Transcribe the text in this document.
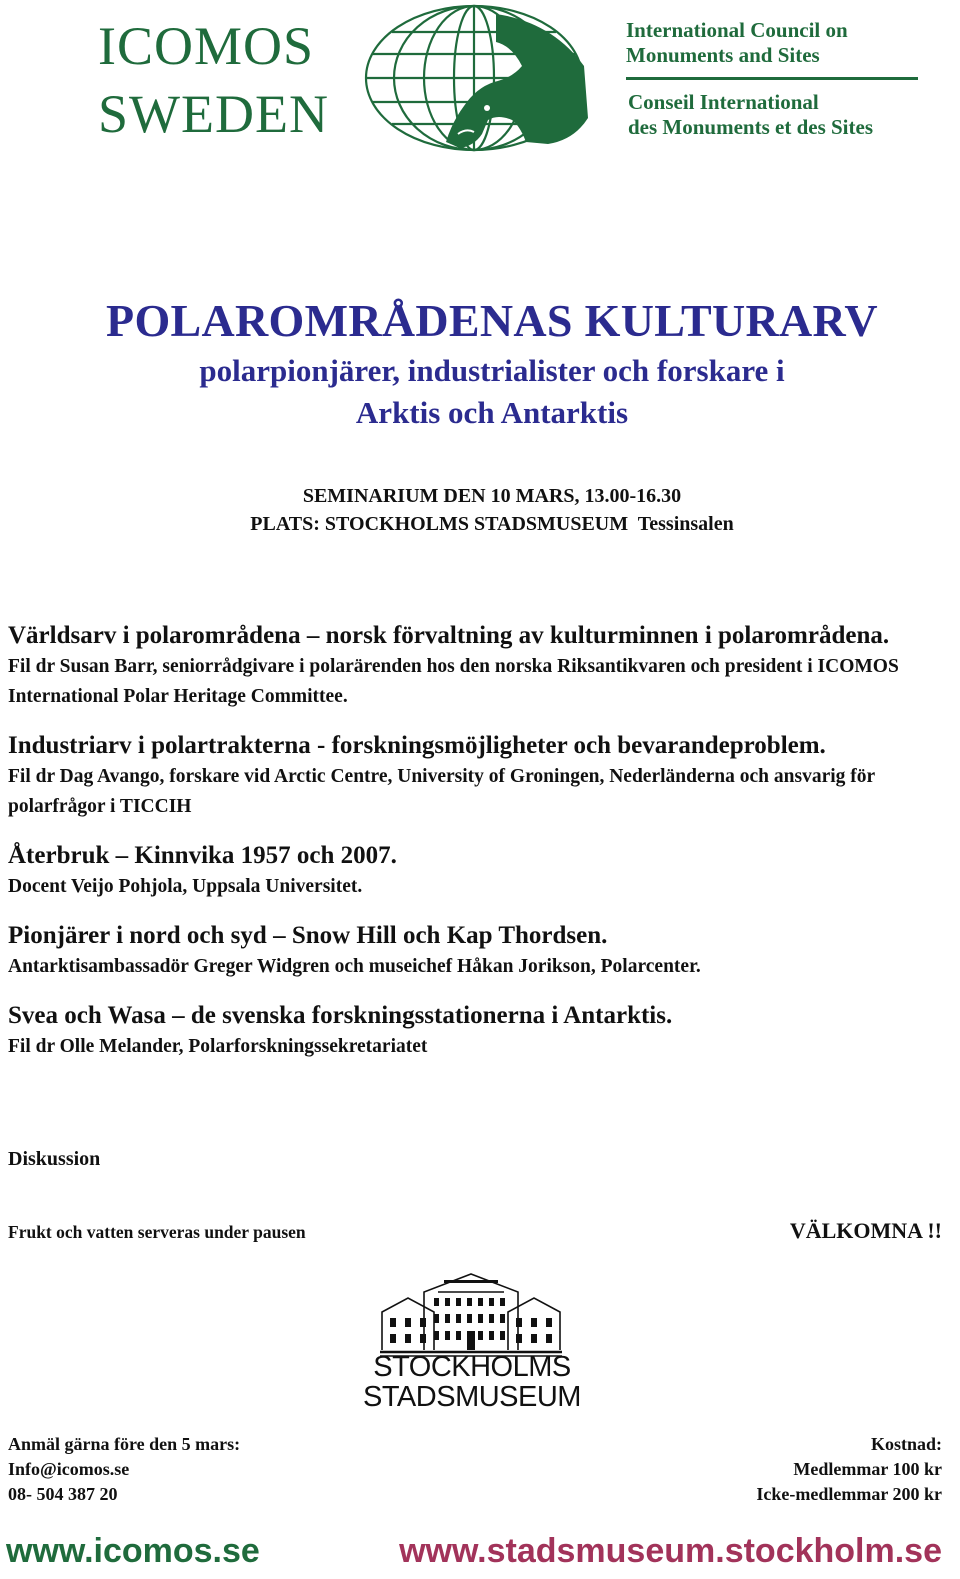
ICOMOS
SWEDEN
International Council on
Monuments and Sites
Conseil International
des Monuments et des Sites
POLAROMRÅDENAS KULTURARV
polarpionjärer, industrialister och forskare i
Arktis och Antarktis
SEMINARIUM DEN 10 MARS, 13.00-16.30
PLATS: STOCKHOLMS STADSMUSEUM  Tessinsalen
Världsarv i polarområdena – norsk förvaltning av kulturminnen i polarområdena.
Fil dr Susan Barr, seniorrådgivare i polarärenden hos den norska Riksantikvaren och president i ICOMOS International Polar Heritage Committee.
Industriarv i polartrakterna - forskningsmöjligheter och bevarandeproblem.
Fil dr Dag Avango, forskare vid Arctic Centre, University of Groningen, Nederländerna och ansvarig för polarfrågor i TICCIH
Återbruk – Kinnvika 1957 och 2007.
Docent Veijo Pohjola, Uppsala Universitet.
Pionjärer i nord och syd – Snow Hill och Kap Thordsen.
Antarktisambassadör Greger Widgren och museichef Håkan Jorikson, Polarcenter.
Svea och Wasa – de svenska forskningsstationerna i Antarktis.
Fil dr Olle Melander, Polarforskningssekretariatet
Diskussion
Frukt och vatten serveras under pausen	VÄLKOMNA !!
STOCKHOLMS
STADSMUSEUM
Anmäl gärna före den 5 mars:
Info@icomos.se
08- 504 387 20
Kostnad:
Medlemmar 100 kr
Icke-medlemmar 200 kr
www.icomos.se	www.stadsmuseum.stockholm.se
